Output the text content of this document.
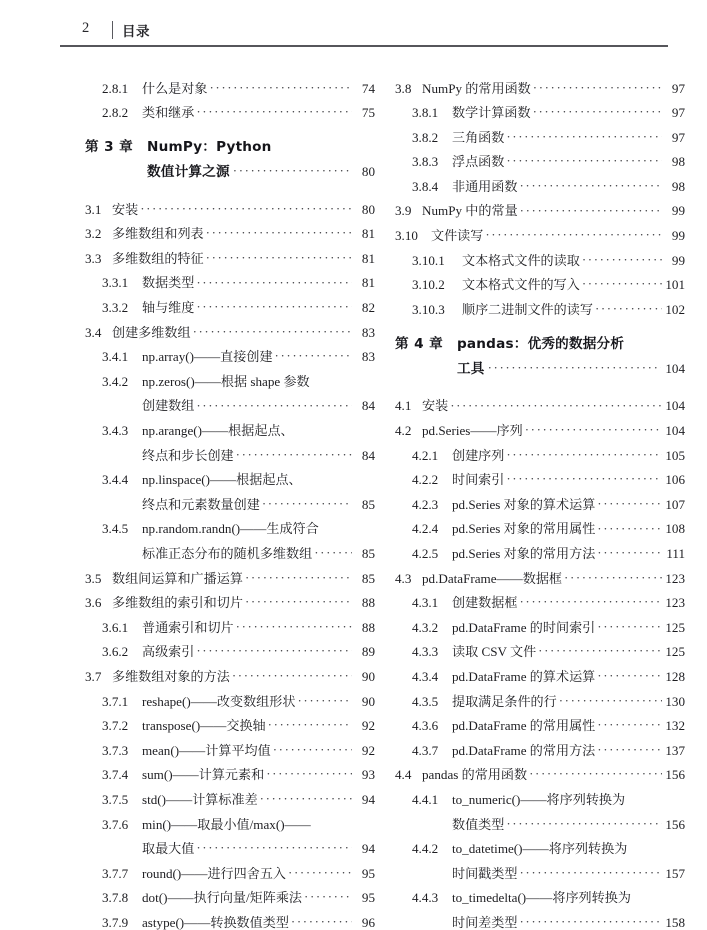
2 目录
2.8.1	什么是对象 ·····	74
2.8.2	类和继承 ·····	75
第 3 章	NumPy：Python

数值计算之源 ·····	80
3.1 安装 ·····	80
3.2 多维数组和列表 ·····	81
3.3 多维数组的特征 ·····	81
3.3.1	数据类型 ·····	81
3.3.2	轴与维度 ·····	82
3.4 创建多维数组 ·····	83
3.4.1	np.array()——直接创建 ·····	83
3.4.2	np.zeros()——根据 shape 参数
创建数组 ·····	84
3.4.3	np.arange()——根据起点、
终点和步长创建 ·····	84
3.4.4	np.linspace()——根据起点、
终点和元素数量创建 ·····	85
3.4.5	np.random.randn()——生成符合
标准正态分布的随机多维数组 ·····	85
3.5 数组间运算和广播运算 ·····	85
3.6 多维数组的索引和切片 ·····	88
3.6.1	普通索引和切片 ·····	88
3.6.2	高级索引 ·····	89
3.7 多维数组对象的方法 ·····	90
3.7.1	reshape()——改变数组形状 ·····	90
3.7.2	transpose()——交换轴 ·····	92
3.7.3	mean()——计算平均值 ·····	92
3.7.4	sum()——计算元素和 ·····	93
3.7.5	std()——计算标准差 ·····	94
3.7.6	min()——取最小值/max()——
取最大值 ·····	94
3.7.7	round()——进行四舍五入 ·····	95
3.7.8	dot()——执行向量/矩阵乘法 ·····	95
3.7.9	astype()——转换数值类型 ·····	96
3.8 NumPy 的常用函数 ·····	97
3.8.1	数学计算函数 ·····	97
3.8.2	三角函数 ·····	97
3.8.3	浮点函数 ·····	98
3.8.4	非通用函数 ·····	98
3.9 NumPy 中的常量 ·····	99
3.10 文件读写 ·····	99
3.10.1	文本格式文件的读取 ·····	99
3.10.2	文本格式文件的写入 ·····	101
3.10.3	顺序二进制文件的读写 ·····	102
第 4 章	pandas：优秀的数据分析

工具 ·····	104
4.1 安装 ·····	104
4.2 pd.Series——序列 ·····	104
4.2.1	创建序列 ·····	105
4.2.2	时间索引 ·····	106
4.2.3	pd.Series 对象的算术运算 ·····	107
4.2.4	pd.Series 对象的常用属性 ·····	108
4.2.5	pd.Series 对象的常用方法 ·····	111
4.3 pd.DataFrame——数据框 ·····	123
4.3.1	创建数据框 ·····	123
4.3.2	pd.DataFrame 的时间索引 ·····	125
4.3.3	读取 CSV 文件 ·····	125
4.3.4	pd.DataFrame 的算术运算 ·····	128
4.3.5	提取满足条件的行 ·····	130
4.3.6	pd.DataFrame 的常用属性 ·····	132
4.3.7	pd.DataFrame 的常用方法 ·····	137
4.4 pandas 的常用函数 ·····	156
4.4.1	to_numeric()——将序列转换为
数值类型 ·····	156
4.4.2	to_datetime()——将序列转换为
时间戳类型 ·····	157
4.4.3	to_timedelta()——将序列转换为
时间差类型 ·····	158
